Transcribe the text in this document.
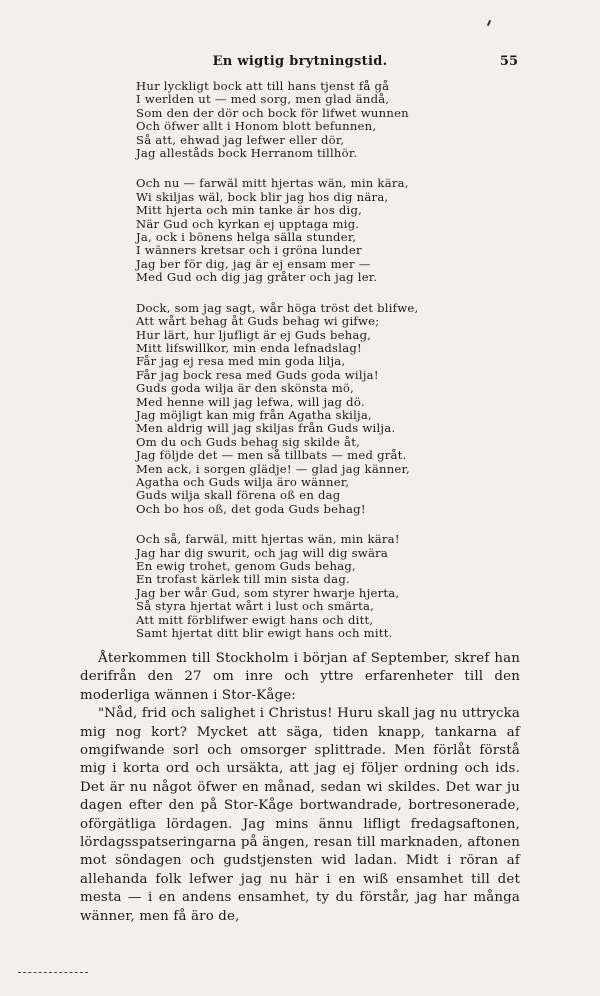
En wigtig brytningstid.	55
Hur lyckligt bock att till hans tjenst få gå
I werlden ut — med sorg, men glad ändå,
Som den der dör och bock för lifwet wunnen
Och öfwer allt i Honom blott befunnen,
Så att, ehwad jag lefwer eller dör,
Jag alleståds bock Herranom tillhör.
Och nu — farwäl mitt hjertas wän, min kära,
Wi skiljas wäl, bock blir jag hos dig nära,
Mitt hjerta och min tanke är hos dig,
När Gud och kyrkan ej upptaga mig.
Ja, ock i bönens helga sälla stunder,
I wänners kretsar och i gröna lunder
Jag ber för dig, jag är ej ensam mer —
Med Gud och dig jag gråter och jag ler.
Dock, som jag sagt, wår höga tröst det blifwe,
Att wårt behag åt Guds behag wi gifwe;
Hur lärt, hur ljufligt är ej Guds behag,
Mitt lifswillkor, min enda lefnadslag!
Får jag ej resa med min goda lilja,
Får jag bock resa med Guds goda wilja!
Guds goda wilja är den skönsta mö,
Med henne will jag lefwa, will jag dö.
Jag möjligt kan mig från Agatha skilja,
Men aldrig will jag skiljas från Guds wilja.
Om du och Guds behag sig skilde åt,
Jag följde det — men så tillbats — med gråt.
Men ack, i sorgen glädje! — glad jag känner,
Agatha och Guds wilja äro wänner,
Guds wilja skall förena oß en dag
Och bo hos oß, det goda Guds behag!
Och så, farwäl, mitt hjertas wän, min kära!
Jag har dig swurit, och jag will dig swära
En ewig trohet, genom Guds behag,
En trofast kärlek till min sista dag.
Jag ber wår Gud, som styrer hwarje hjerta,
Så styra hjertat wårt i lust och smärta,
Att mitt förblifwer ewigt hans och ditt,
Samt hjertat ditt blir ewigt hans och mitt.

Återkommen till Stockholm i början af September, skref han derifrån den 27 om inre och yttre erfarenheter till den moderliga wännen i Stor-Kåge:

"Nåd, frid och salighet i Christus! Huru skall jag nu uttrycka mig nog kort? Mycket att säga, tiden knapp, tankarna af omgifwande sorl och omsorger splittrade. Men förlåt förstå mig i korta ord och ursäkta, att jag ej följer ordning och ids. Det är nu något öfwer en månad, sedan wi skildes. Det war ju dagen efter den på Stor-Kåge bortwandrade, bortresonerade, oförgätliga lördagen. Jag mins ännu lifligt fredagsaftonen, lördagsspatseringarna på ängen, resan till marknaden, aftonen mot söndagen och gudstjensten wid ladan. Midt i röran af allehanda folk lefwer jag nu här i en wiß ensamhet till det mesta — i en andens ensamhet, ty du förstår, jag har många wänner, men få äro de,
